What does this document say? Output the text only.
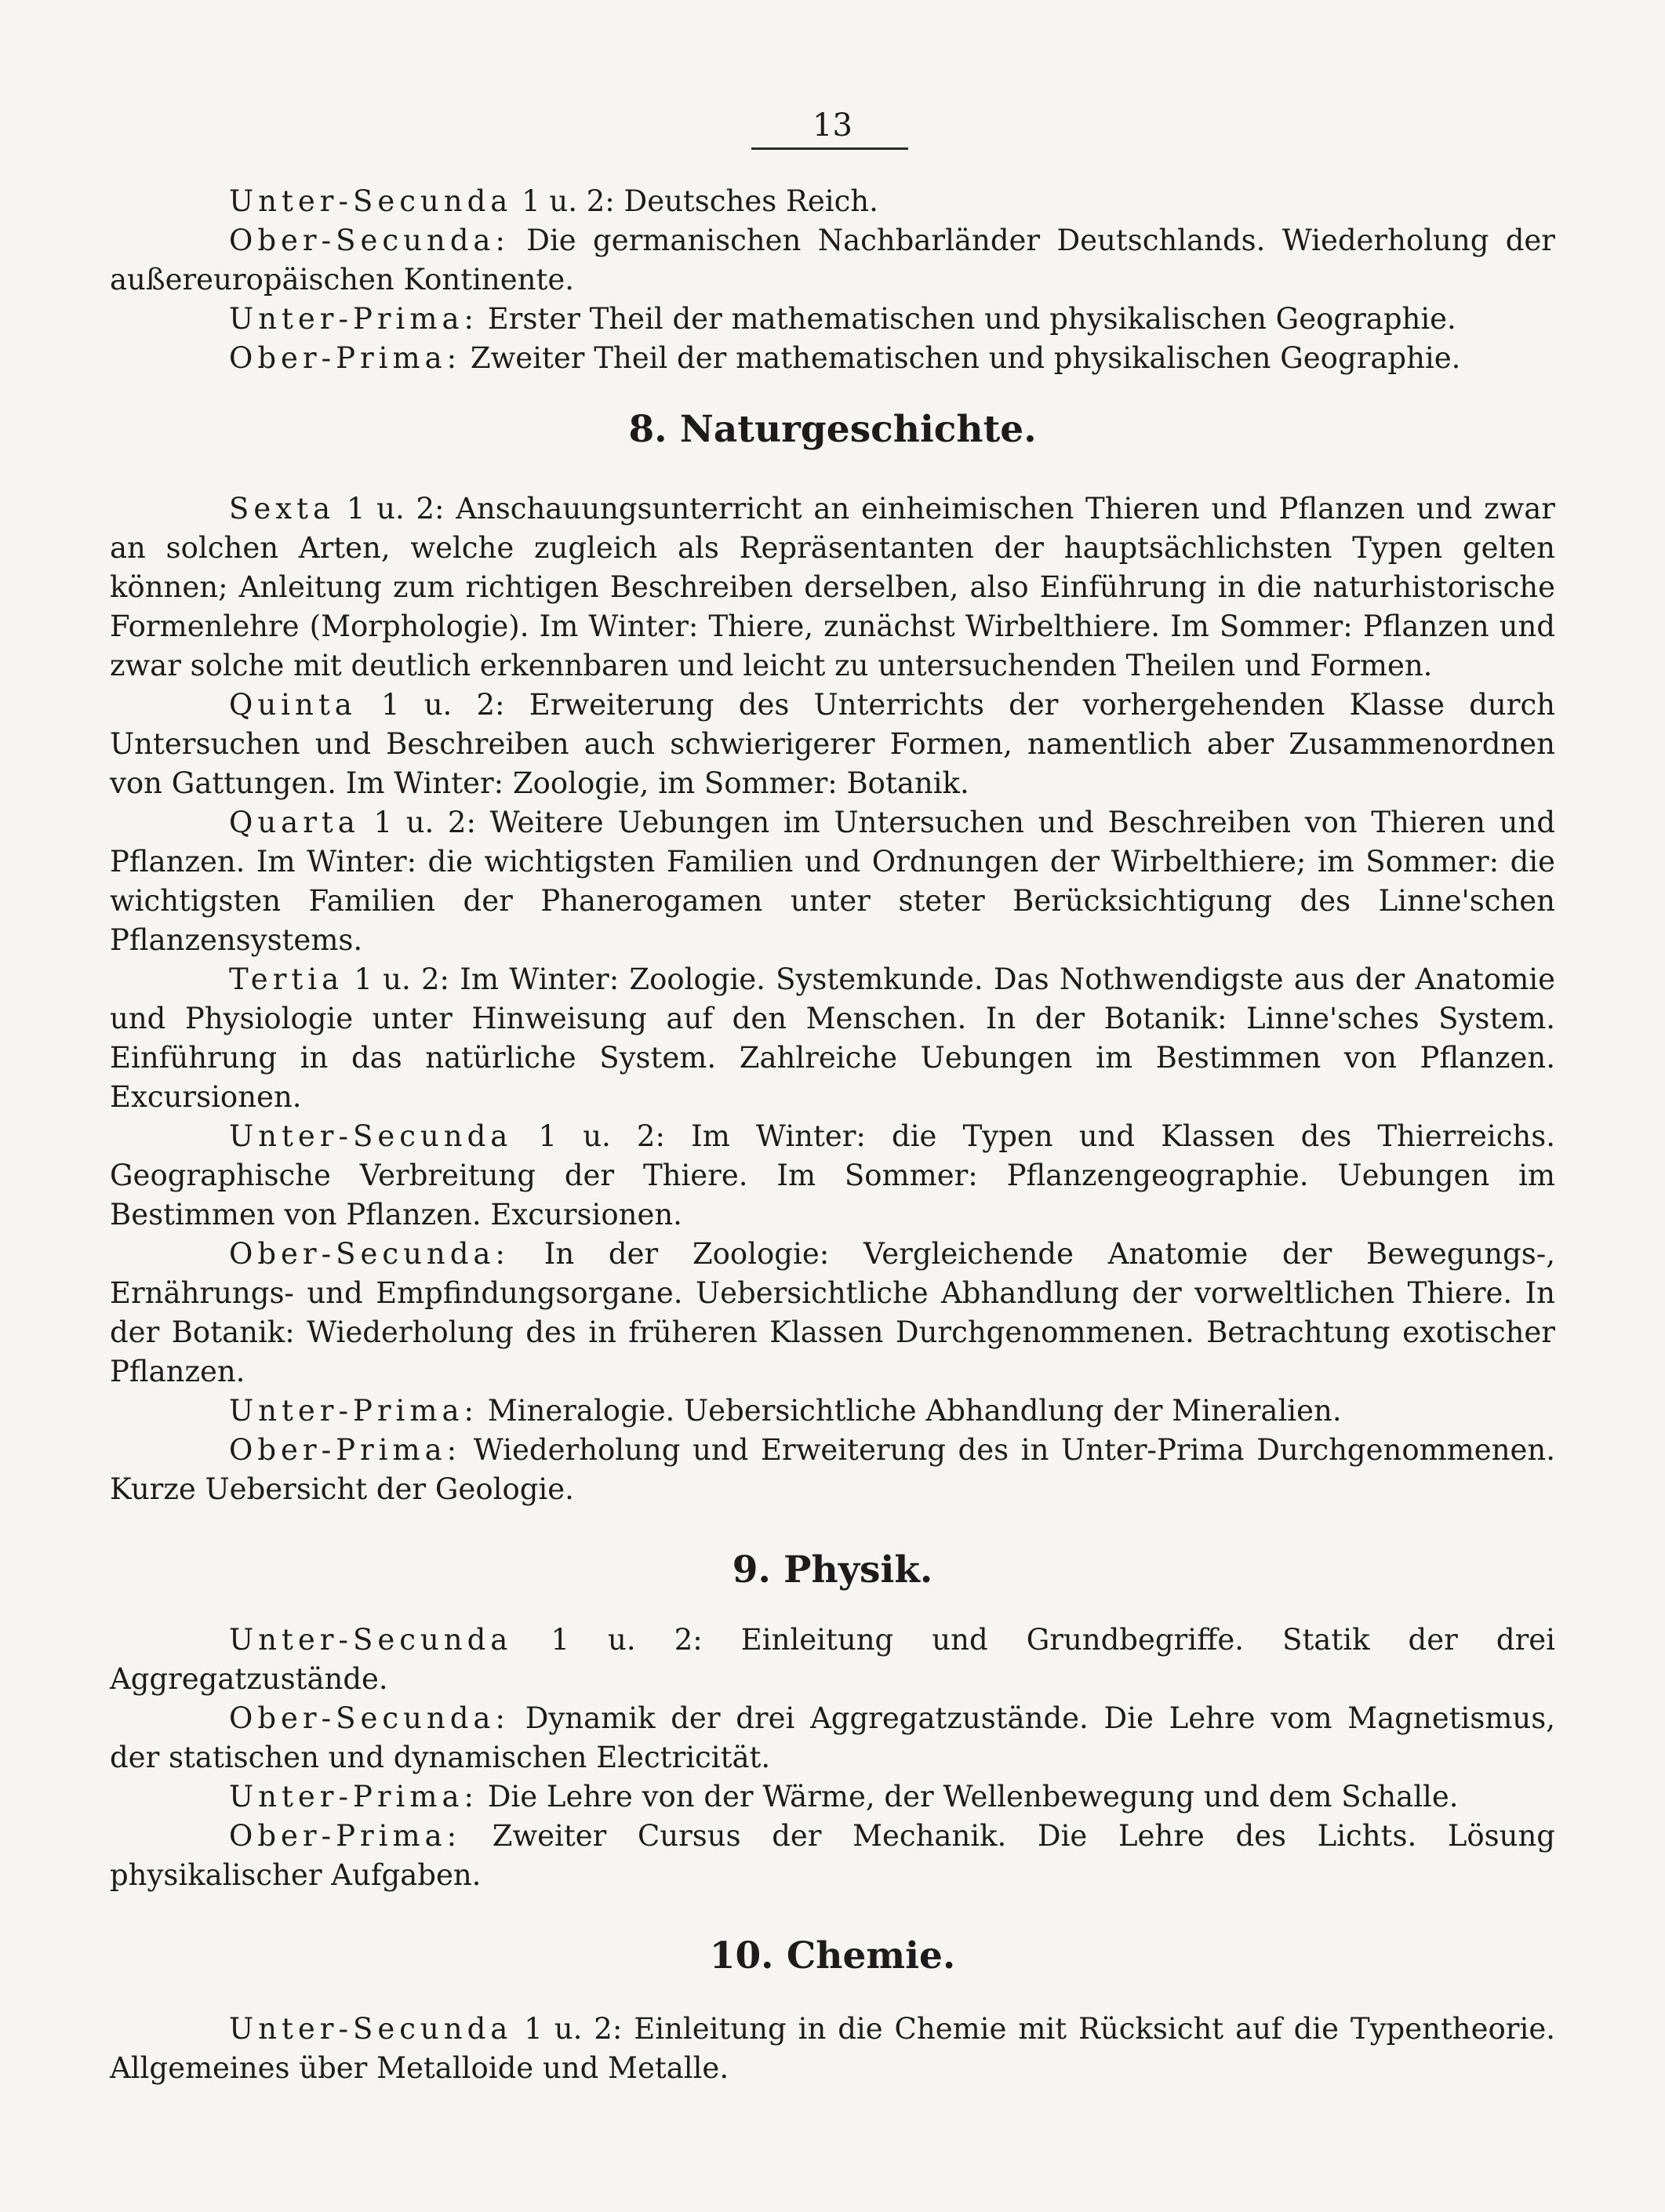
13

Unter-Secunda 1 u. 2: Deutsches Reich.

Ober-Secunda: Die germanischen Nachbarländer Deutschlands. Wiederholung der außereuropäischen Kontinente.

Unter-Prima: Erster Theil der mathematischen und physikalischen Geographie.

Ober-Prima: Zweiter Theil der mathematischen und physikalischen Geographie.

8. Naturgeschichte.

Sexta 1 u. 2: Anschauungsunterricht an einheimischen Thieren und Pflanzen und zwar an solchen Arten, welche zugleich als Repräsentanten der hauptsächlichsten Typen gelten können; Anleitung zum richtigen Beschreiben derselben, also Einführung in die naturhistorische Formenlehre (Morphologie). Im Winter: Thiere, zunächst Wirbelthiere. Im Sommer: Pflanzen und zwar solche mit deutlich erkennbaren und leicht zu untersuchenden Theilen und Formen.

Quinta 1 u. 2: Erweiterung des Unterrichts der vorhergehenden Klasse durch Untersuchen und Beschreiben auch schwierigerer Formen, namentlich aber Zusammenordnen von Gattungen. Im Winter: Zoologie, im Sommer: Botanik.

Quarta 1 u. 2: Weitere Uebungen im Untersuchen und Beschreiben von Thieren und Pflanzen. Im Winter: die wichtigsten Familien und Ordnungen der Wirbelthiere; im Sommer: die wichtigsten Familien der Phanerogamen unter steter Berücksichtigung des Linne'schen Pflanzensystems.

Tertia 1 u. 2: Im Winter: Zoologie. Systemkunde. Das Nothwendigste aus der Anatomie und Physiologie unter Hinweisung auf den Menschen. In der Botanik: Linne'sches System. Einführung in das natürliche System. Zahlreiche Uebungen im Bestimmen von Pflanzen. Excursionen.

Unter-Secunda 1 u. 2: Im Winter: die Typen und Klassen des Thierreichs. Geographische Verbreitung der Thiere. Im Sommer: Pflanzengeographie. Uebungen im Bestimmen von Pflanzen. Excursionen.

Ober-Secunda: In der Zoologie: Vergleichende Anatomie der Bewegungs-, Ernährungs- und Empfindungsorgane. Uebersichtliche Abhandlung der vorweltlichen Thiere. In der Botanik: Wiederholung des in früheren Klassen Durchgenommenen. Betrachtung exotischer Pflanzen.

Unter-Prima: Mineralogie. Uebersichtliche Abhandlung der Mineralien.

Ober-Prima: Wiederholung und Erweiterung des in Unter-Prima Durchgenommenen. Kurze Uebersicht der Geologie.

9. Physik.

Unter-Secunda 1 u. 2: Einleitung und Grundbegriffe. Statik der drei Aggregatzustände.

Ober-Secunda: Dynamik der drei Aggregatzustände. Die Lehre vom Magnetismus, der statischen und dynamischen Electricität.

Unter-Prima: Die Lehre von der Wärme, der Wellenbewegung und dem Schalle.

Ober-Prima: Zweiter Cursus der Mechanik. Die Lehre des Lichts. Lösung physikalischer Aufgaben.

10. Chemie.

Unter-Secunda 1 u. 2: Einleitung in die Chemie mit Rücksicht auf die Typentheorie. Allgemeines über Metalloide und Metalle.
